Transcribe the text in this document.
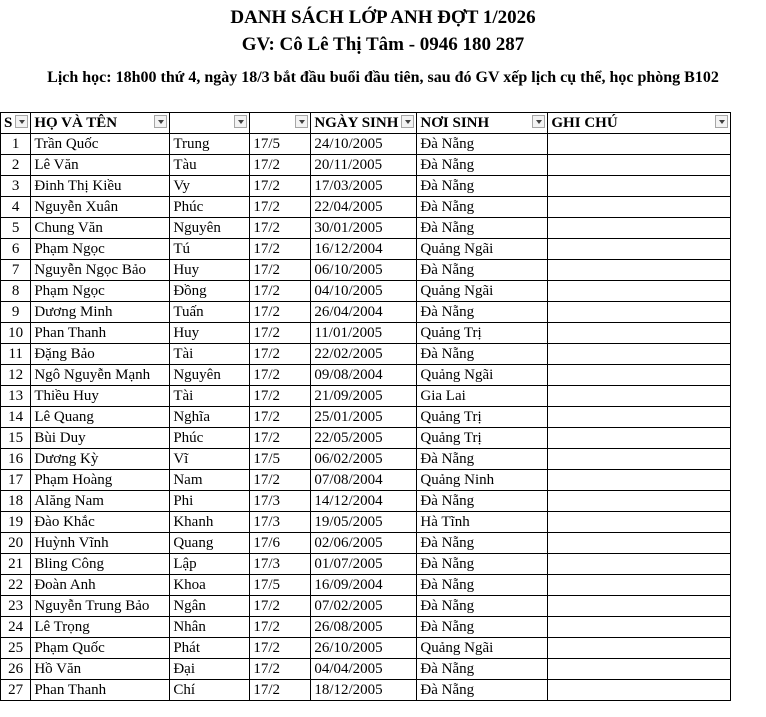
DANH SÁCH LỚP ANH ĐỢT 1/2026
GV: Cô Lê Thị Tâm - 0946 180 287
Lịch học: 18h00 thứ 4, ngày 18/3 bắt đầu buổi đầu tiên, sau đó GV xếp lịch cụ thể, học phòng B102
S	HỌ VÀ TÊN			NGÀY SINH	NƠI SINH	GHI CHÚ

1	Trần Quốc	Trung	17/5	24/10/2005	Đà Nẵng	
2	Lê Văn	Tàu	17/2	20/11/2005	Đà Nẵng	
3	Đinh Thị Kiều	Vy	17/2	17/03/2005	Đà Nẵng	
4	Nguyễn Xuân	Phúc	17/2	22/04/2005	Đà Nẵng	
5	Chung Văn	Nguyên	17/2	30/01/2005	Đà Nẵng	
6	Phạm Ngọc	Tú	17/2	16/12/2004	Quảng Ngãi	
7	Nguyễn Ngọc Bảo	Huy	17/2	06/10/2005	Đà Nẵng	
8	Phạm Ngọc	Đồng	17/2	04/10/2005	Quảng Ngãi	
9	Dương Minh	Tuấn	17/2	26/04/2004	Đà Nẵng	
10	Phan Thanh	Huy	17/2	11/01/2005	Quảng Trị	
11	Đặng Bảo	Tài	17/2	22/02/2005	Đà Nẵng	
12	Ngô Nguyễn Mạnh	Nguyên	17/2	09/08/2004	Quảng Ngãi	
13	Thiều Huy	Tài	17/2	21/09/2005	Gia Lai	
14	Lê Quang	Nghĩa	17/2	25/01/2005	Quảng Trị	
15	Bùi Duy	Phúc	17/2	22/05/2005	Quảng Trị	
16	Dương Kỳ	Vĩ	17/5	06/02/2005	Đà Nẵng	
17	Phạm Hoàng	Nam	17/2	07/08/2004	Quảng Ninh	
18	Alăng Nam	Phi	17/3	14/12/2004	Đà Nẵng	
19	Đào Khắc	Khanh	17/3	19/05/2005	Hà Tĩnh	
20	Huỳnh Vĩnh	Quang	17/6	02/06/2005	Đà Nẵng	
21	Bling Công	Lập	17/3	01/07/2005	Đà Nẵng	
22	Đoàn Anh	Khoa	17/5	16/09/2004	Đà Nẵng	
23	Nguyễn Trung Bảo	Ngân	17/2	07/02/2005	Đà Nẵng	
24	Lê Trọng	Nhân	17/2	26/08/2005	Đà Nẵng	
25	Phạm Quốc	Phát	17/2	26/10/2005	Quảng Ngãi	
26	Hồ Văn	Đại	17/2	04/04/2005	Đà Nẵng	
27	Phan Thanh	Chí	17/2	18/12/2005	Đà Nẵng	
